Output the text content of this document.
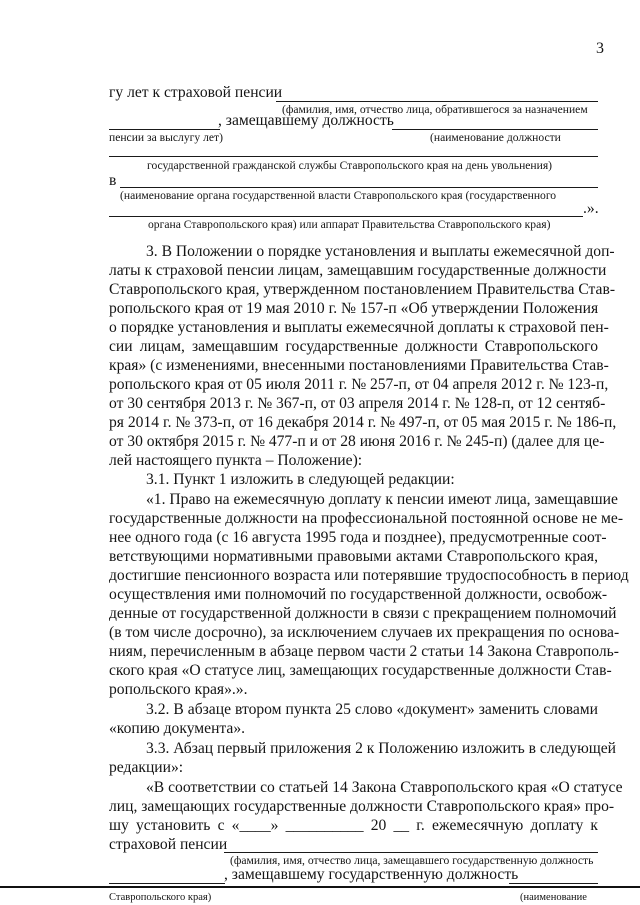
3
гу лет к страховой пенсии
(фамилия, имя, отчество лица, обратившегося за назначением
, замещавшему должность
пенсии за выслугу лет)	(наименование должности
государственной гражданской службы Ставропольского края на день увольнения)
в
(наименование органа государственной власти Ставропольского края (государственного
.».
органа Ставропольского края) или аппарат Правительства Ставропольского края)
3. В Положении о порядке установления и выплаты ежемесячной доп-
латы к страховой пенсии лицам, замещавшим государственные должности
Ставропольского края, утвержденном постановлением Правительства Став-
ропольского края от 19 мая 2010 г. № 157-п «Об утверждении Положения
о порядке установления и выплаты ежемесячной доплаты к страховой пен-
сии лицам, замещавшим государственные должности Ставропольского
края» (с изменениями, внесенными постановлениями Правительства Став-
ропольского края от 05 июля 2011 г. № 257-п, от 04 апреля 2012 г. № 123-п,
от 30 сентября 2013 г. № 367-п, от 03 апреля 2014 г. № 128-п, от 12 сентяб-
ря 2014 г. № 373-п, от 16 декабря 2014 г. № 497-п, от 05 мая 2015 г. № 186-п,
от 30 октября 2015 г. № 477-п и от 28 июня 2016 г. № 245-п) (далее для це-
лей настоящего пункта – Положение):
3.1. Пункт 1 изложить в следующей редакции:
«1. Право на ежемесячную доплату к пенсии имеют лица, замещавшие
государственные должности на профессиональной постоянной основе не ме-
нее одного года (с 16 августа 1995 года и позднее), предусмотренные соот-
ветствующими нормативными правовыми актами Ставропольского края,
достигшие пенсионного возраста или потерявшие трудоспособность в период
осуществления ими полномочий по государственной должности, освобож-
денные от государственной должности в связи с прекращением полномочий
(в том числе досрочно), за исключением случаев их прекращения по основа-
ниям, перечисленным в абзаце первом части 2 статьи 14 Закона Ставрополь-
ского края «О статусе лиц, замещающих государственные должности Став-
ропольского края».».
3.2. В абзаце втором пункта 25 слово «документ» заменить словами
«копию документа».
3.3. Абзац первый приложения 2 к Положению изложить в следующей
редакции»:
«В соответствии со статьей 14 Закона Ставропольского края «О статусе
лиц, замещающих государственные должности Ставропольского края» про-
шу установить с «____» __________ 20 __ г. ежемесячную доплату к
страховой пенсии
(фамилия, имя, отчество лица, замещавшего государственную должность
, замещавшему государственную должность
Ставропольского края)	(наименование
